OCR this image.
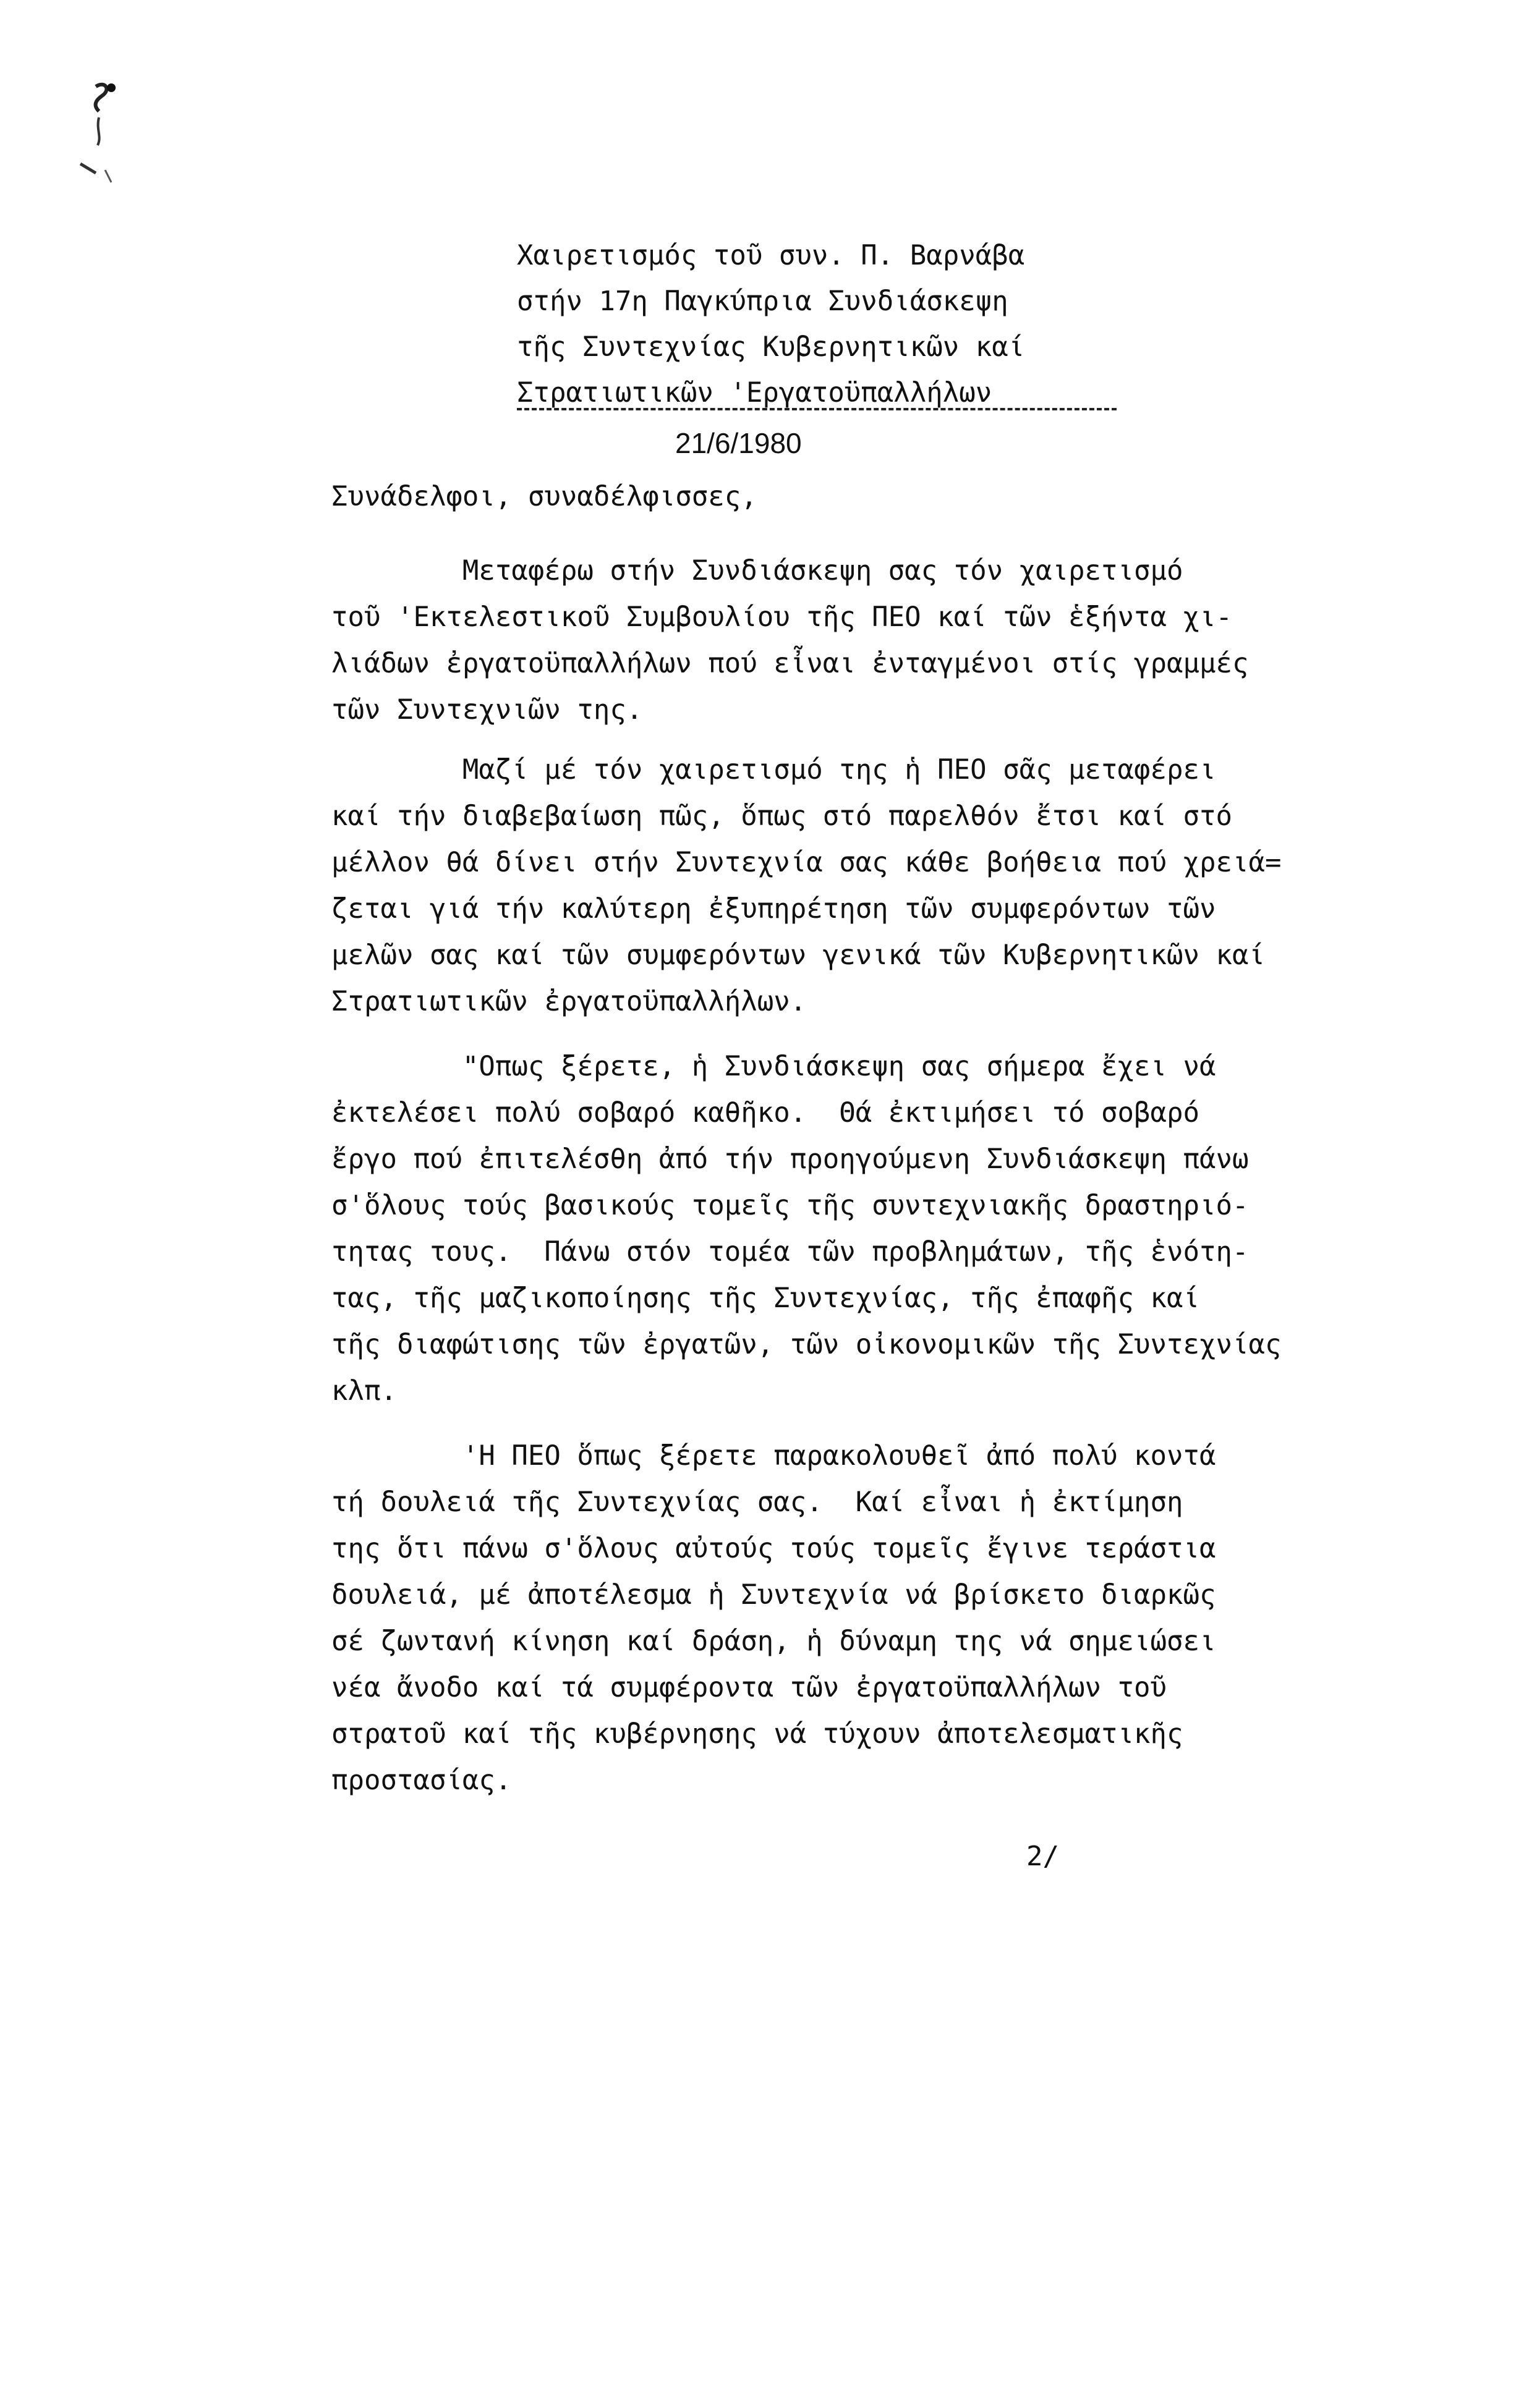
Χαιρετισμός τοῦ συν. Π. Βαρνάβα
στήν 17η Παγκύπρια Συνδιάσκεψη
τῆς Συντεχνίας Κυβερνητικῶν καί
Στρατιωτικῶν 'Εργατοϋπαλλήλων
21/6/1980
Συνάδελφοι, συναδέλφισσες,
Μεταφέρω στήν Συνδιάσκεψη σας τόν χαιρετισμό
τοῦ 'Εκτελεστικοῦ Συμβουλίου τῆς ΠΕΟ καί τῶν ἑξήντα χι-
λιάδων ἐργατοϋπαλλήλων πού εἶναι ἐνταγμένοι στίς γραμμές
τῶν Συντεχνιῶν της.
Μαζί μέ τόν χαιρετισμό της ἡ ΠΕΟ σᾶς μεταφέρει
καί τήν διαβεβαίωση πῶς, ὅπως στό παρελθόν ἔτσι καί στό
μέλλον θά δίνει στήν Συντεχνία σας κάθε βοήθεια πού χρειά=
ζεται γιά τήν καλύτερη ἐξυπηρέτηση τῶν συμφερόντων τῶν
μελῶν σας καί τῶν συμφερόντων γενικά τῶν Κυβερνητικῶν καί
Στρατιωτικῶν ἐργατοϋπαλλήλων.
"Οπως ξέρετε, ἡ Συνδιάσκεψη σας σήμερα ἔχει νά
ἐκτελέσει πολύ σοβαρό καθῆκο.  Θά ἐκτιμήσει τό σοβαρό
ἔργο πού ἐπιτελέσθη ἀπό τήν προηγούμενη Συνδιάσκεψη πάνω
σ'ὅλους τούς βασικούς τομεῖς τῆς συντεχνιακῆς δραστηριό-
τητας τους.  Πάνω στόν τομέα τῶν προβλημάτων, τῆς ἑνότη-
τας, τῆς μαζικοποίησης τῆς Συντεχνίας, τῆς ἐπαφῆς καί
τῆς διαφώτισης τῶν ἐργατῶν, τῶν οἰκονομικῶν τῆς Συντεχνίας
κλπ.
'Η ΠΕΟ ὅπως ξέρετε παρακολουθεῖ ἀπό πολύ κοντά
τή δουλειά τῆς Συντεχνίας σας.  Καί εἶναι ἡ ἐκτίμηση
της ὅτι πάνω σ'ὅλους αὐτούς τούς τομεῖς ἔγινε τεράστια
δουλειά, μέ ἀποτέλεσμα ἡ Συντεχνία νά βρίσκετο διαρκῶς
σέ ζωντανή κίνηση καί δράση, ἡ δύναμη της νά σημειώσει
νέα ἄνοδο καί τά συμφέροντα τῶν ἐργατοϋπαλλήλων τοῦ
στρατοῦ καί τῆς κυβέρνησης νά τύχουν ἀποτελεσματικῆς
προστασίας.
2/
